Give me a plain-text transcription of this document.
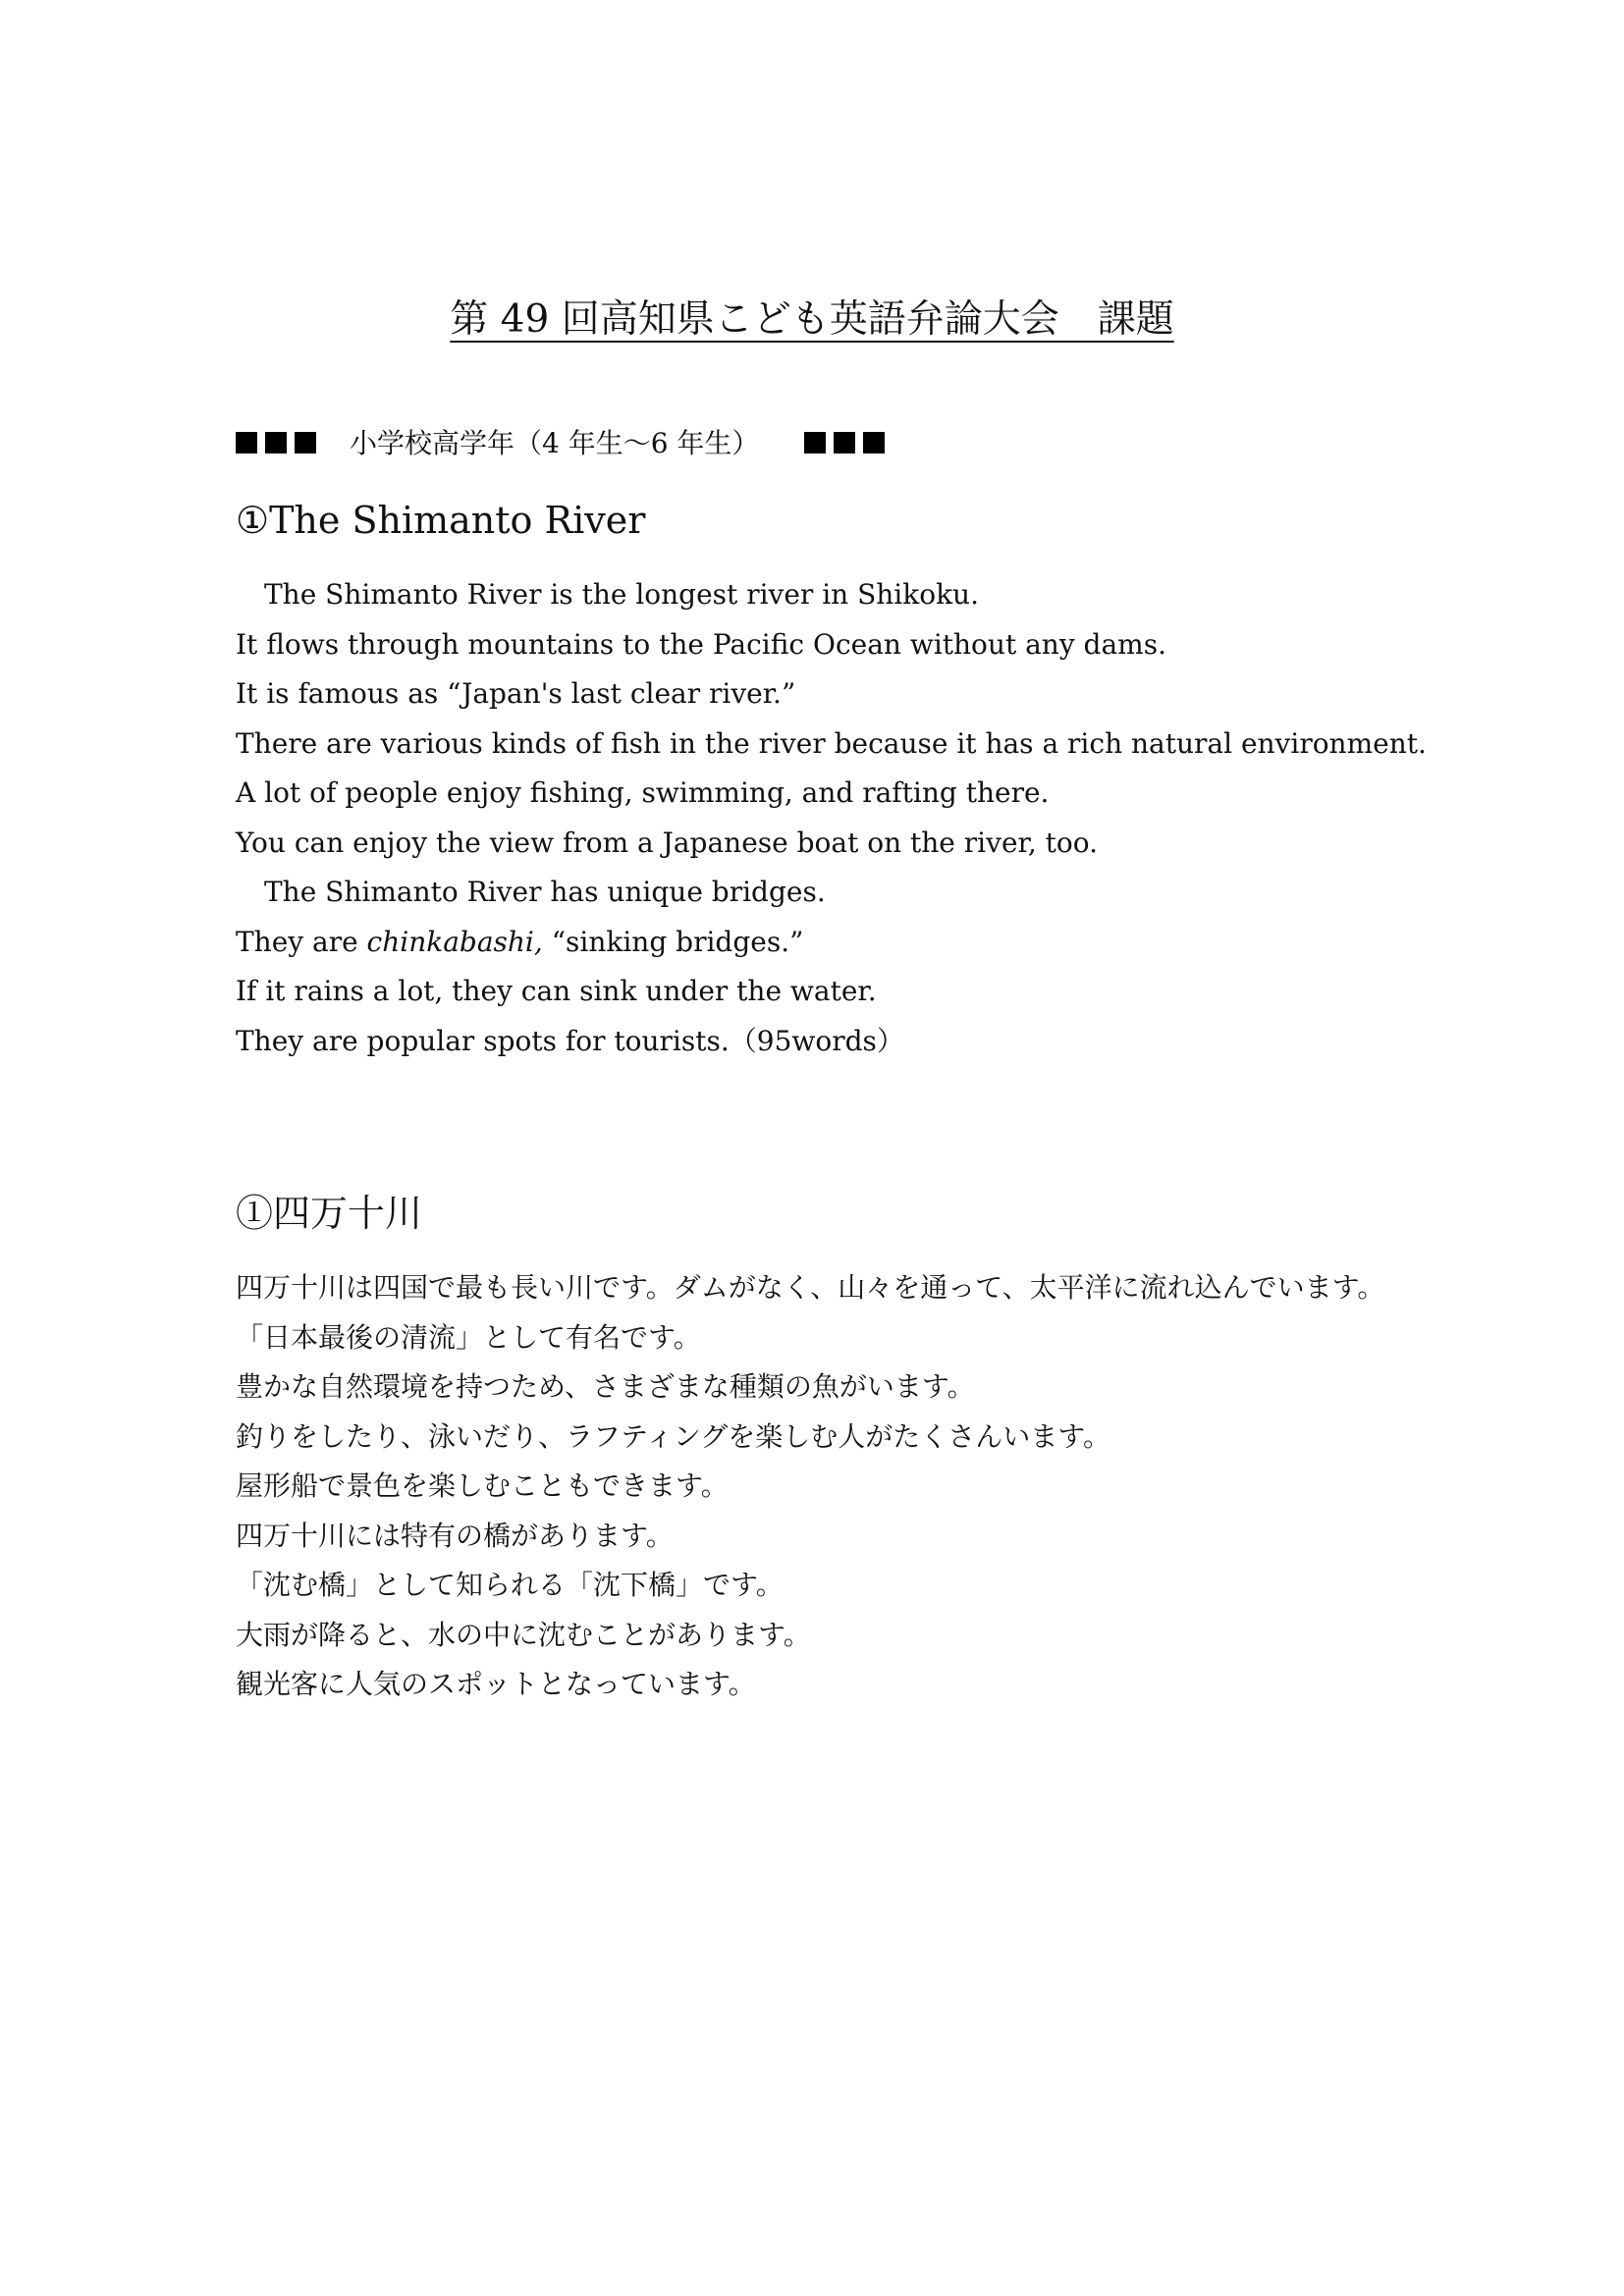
第 49 回高知県こども英語弁論大会　課題
小学校高学年（4 年生〜6 年生）
①The Shimanto River
The Shimanto River is the longest river in Shikoku.
It flows through mountains to the Pacific Ocean without any dams.
It is famous as “Japan's last clear river.”
There are various kinds of fish in the river because it has a rich natural environment.
A lot of people enjoy fishing, swimming, and rafting there.
You can enjoy the view from a Japanese boat on the river, too.
The Shimanto River has unique bridges.
They are chinkabashi, “sinking bridges.”
If it rains a lot, they can sink under the water.
They are popular spots for tourists.（95words）
①四万十川
四万十川は四国で最も長い川です。ダムがなく、山々を通って、太平洋に流れ込んでいます。
「日本最後の清流」として有名です。
豊かな自然環境を持つため、さまざまな種類の魚がいます。
釣りをしたり、泳いだり、ラフティングを楽しむ人がたくさんいます。
屋形船で景色を楽しむこともできます。
四万十川には特有の橋があります。
「沈む橋」として知られる「沈下橋」です。
大雨が降ると、水の中に沈むことがあります。
観光客に人気のスポットとなっています。
